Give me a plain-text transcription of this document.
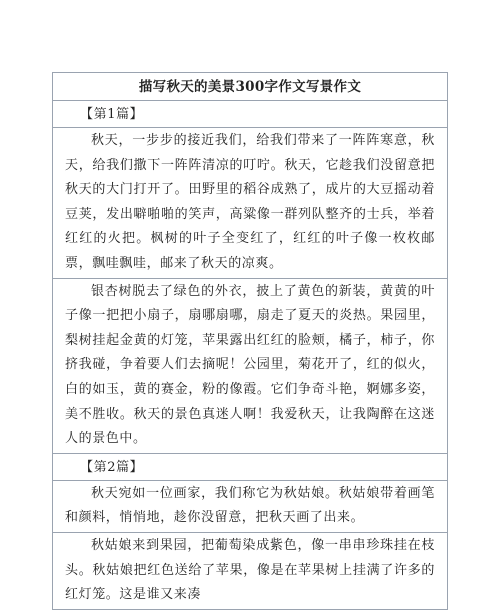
描写秋天的美景300字作文写景作文
【第1篇】
秋天，一步步的接近我们，给我们带来了一阵阵寒意，秋天，给我们撒下一阵阵清凉的叮咛。秋天，它趁我们没留意把秋天的大门打开了。田野里的稻谷成熟了，成片的大豆摇动着豆荚，发出噼啪啪的笑声，高粱像一群列队整齐的士兵，举着红红的火把。枫树的叶子全变红了，红红的叶子像一枚枚邮票，飘哇飘哇，邮来了秋天的凉爽。
银杏树脱去了绿色的外衣，披上了黄色的新装，黄黄的叶子像一把把小扇子，扇哪扇哪，扇走了夏天的炎热。果园里，梨树挂起金黄的灯笼，苹果露出红红的脸颊，橘子，柿子，你挤我碰，争着要人们去摘呢！公园里，菊花开了，红的似火，白的如玉，黄的赛金，粉的像霞。它们争奇斗艳，婀娜多姿，美不胜收。秋天的景色真迷人啊！我爱秋天，让我陶醉在这迷人的景色中。
【第2篇】
秋天宛如一位画家，我们称它为秋姑娘。秋姑娘带着画笔和颜料，悄悄地，趁你没留意，把秋天画了出来。
秋姑娘来到果园，把葡萄染成紫色，像一串串珍珠挂在枝头。秋姑娘把红色送给了苹果，像是在苹果树上挂满了许多的红灯笼。这是谁又来凑
